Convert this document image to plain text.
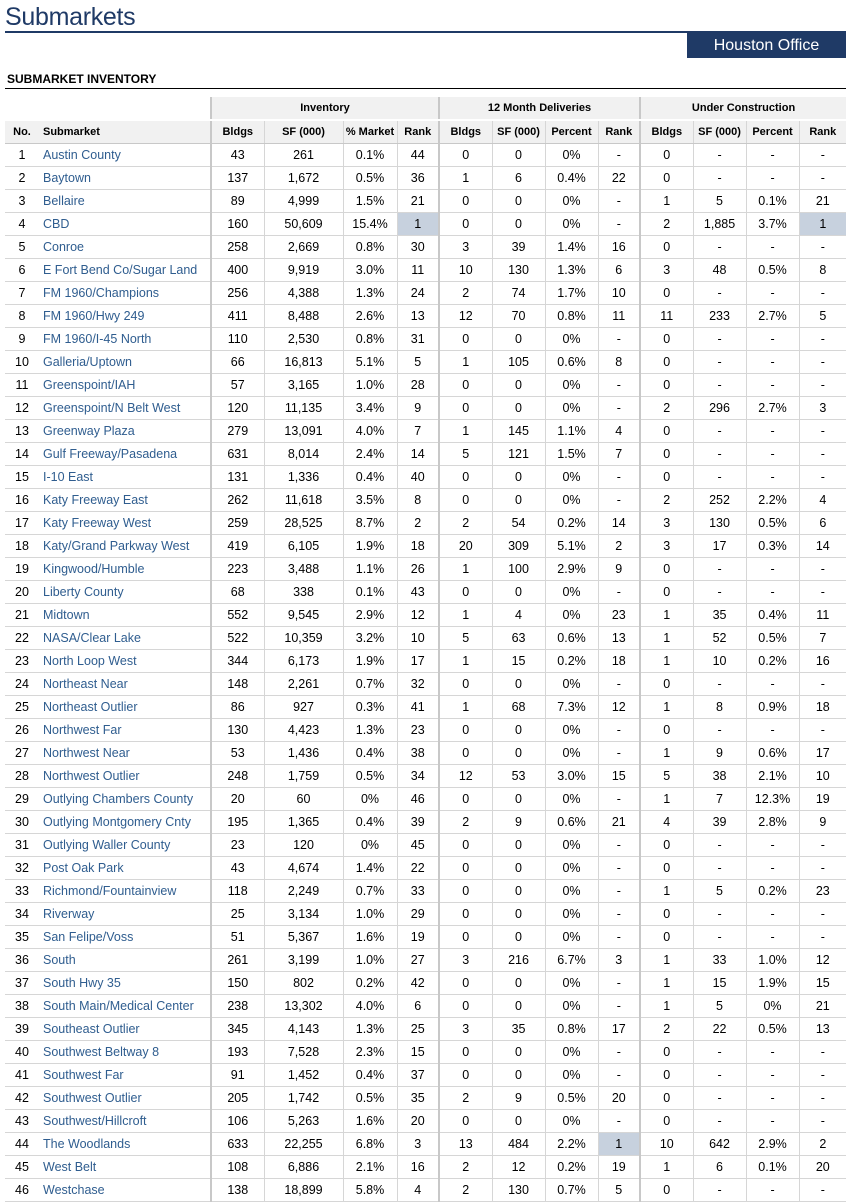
Submarkets
Houston Office
SUBMARKET INVENTORY
		Inventory				12 Month Deliveries				Under Construction			
No.	Submarket	Bldgs	SF (000)	% Market	Rank	Bldgs	SF (000)	Percent	Rank	Bldgs	SF (000)	Percent	Rank
1	Austin County	43	261	0.1%	44	0	0	0%	-	0	-	-	-
2	Baytown	137	1,672	0.5%	36	1	6	0.4%	22	0	-	-	-
3	Bellaire	89	4,999	1.5%	21	0	0	0%	-	1	5	0.1%	21
4	CBD	160	50,609	15.4%	1	0	0	0%	-	2	1,885	3.7%	1
5	Conroe	258	2,669	0.8%	30	3	39	1.4%	16	0	-	-	-
6	E Fort Bend Co/Sugar Land	400	9,919	3.0%	11	10	130	1.3%	6	3	48	0.5%	8
7	FM 1960/Champions	256	4,388	1.3%	24	2	74	1.7%	10	0	-	-	-
8	FM 1960/Hwy 249	411	8,488	2.6%	13	12	70	0.8%	11	11	233	2.7%	5
9	FM 1960/I-45 North	110	2,530	0.8%	31	0	0	0%	-	0	-	-	-
10	Galleria/Uptown	66	16,813	5.1%	5	1	105	0.6%	8	0	-	-	-
11	Greenspoint/IAH	57	3,165	1.0%	28	0	0	0%	-	0	-	-	-
12	Greenspoint/N Belt West	120	11,135	3.4%	9	0	0	0%	-	2	296	2.7%	3
13	Greenway Plaza	279	13,091	4.0%	7	1	145	1.1%	4	0	-	-	-
14	Gulf Freeway/Pasadena	631	8,014	2.4%	14	5	121	1.5%	7	0	-	-	-
15	I-10 East	131	1,336	0.4%	40	0	0	0%	-	0	-	-	-
16	Katy Freeway East	262	11,618	3.5%	8	0	0	0%	-	2	252	2.2%	4
17	Katy Freeway West	259	28,525	8.7%	2	2	54	0.2%	14	3	130	0.5%	6
18	Katy/Grand Parkway West	419	6,105	1.9%	18	20	309	5.1%	2	3	17	0.3%	14
19	Kingwood/Humble	223	3,488	1.1%	26	1	100	2.9%	9	0	-	-	-
20	Liberty County	68	338	0.1%	43	0	0	0%	-	0	-	-	-
21	Midtown	552	9,545	2.9%	12	1	4	0%	23	1	35	0.4%	11
22	NASA/Clear Lake	522	10,359	3.2%	10	5	63	0.6%	13	1	52	0.5%	7
23	North Loop West	344	6,173	1.9%	17	1	15	0.2%	18	1	10	0.2%	16
24	Northeast Near	148	2,261	0.7%	32	0	0	0%	-	0	-	-	-
25	Northeast Outlier	86	927	0.3%	41	1	68	7.3%	12	1	8	0.9%	18
26	Northwest Far	130	4,423	1.3%	23	0	0	0%	-	0	-	-	-
27	Northwest Near	53	1,436	0.4%	38	0	0	0%	-	1	9	0.6%	17
28	Northwest Outlier	248	1,759	0.5%	34	12	53	3.0%	15	5	38	2.1%	10
29	Outlying Chambers County	20	60	0%	46	0	0	0%	-	1	7	12.3%	19
30	Outlying Montgomery Cnty	195	1,365	0.4%	39	2	9	0.6%	21	4	39	2.8%	9
31	Outlying Waller County	23	120	0%	45	0	0	0%	-	0	-	-	-
32	Post Oak Park	43	4,674	1.4%	22	0	0	0%	-	0	-	-	-
33	Richmond/Fountainview	118	2,249	0.7%	33	0	0	0%	-	1	5	0.2%	23
34	Riverway	25	3,134	1.0%	29	0	0	0%	-	0	-	-	-
35	San Felipe/Voss	51	5,367	1.6%	19	0	0	0%	-	0	-	-	-
36	South	261	3,199	1.0%	27	3	216	6.7%	3	1	33	1.0%	12
37	South Hwy 35	150	802	0.2%	42	0	0	0%	-	1	15	1.9%	15
38	South Main/Medical Center	238	13,302	4.0%	6	0	0	0%	-	1	5	0%	21
39	Southeast Outlier	345	4,143	1.3%	25	3	35	0.8%	17	2	22	0.5%	13
40	Southwest Beltway 8	193	7,528	2.3%	15	0	0	0%	-	0	-	-	-
41	Southwest Far	91	1,452	0.4%	37	0	0	0%	-	0	-	-	-
42	Southwest Outlier	205	1,742	0.5%	35	2	9	0.5%	20	0	-	-	-
43	Southwest/Hillcroft	106	5,263	1.6%	20	0	0	0%	-	0	-	-	-
44	The Woodlands	633	22,255	6.8%	3	13	484	2.2%	1	10	642	2.9%	2
45	West Belt	108	6,886	2.1%	16	2	12	0.2%	19	1	6	0.1%	20
46	Westchase	138	18,899	5.8%	4	2	130	0.7%	5	0	-	-	-
